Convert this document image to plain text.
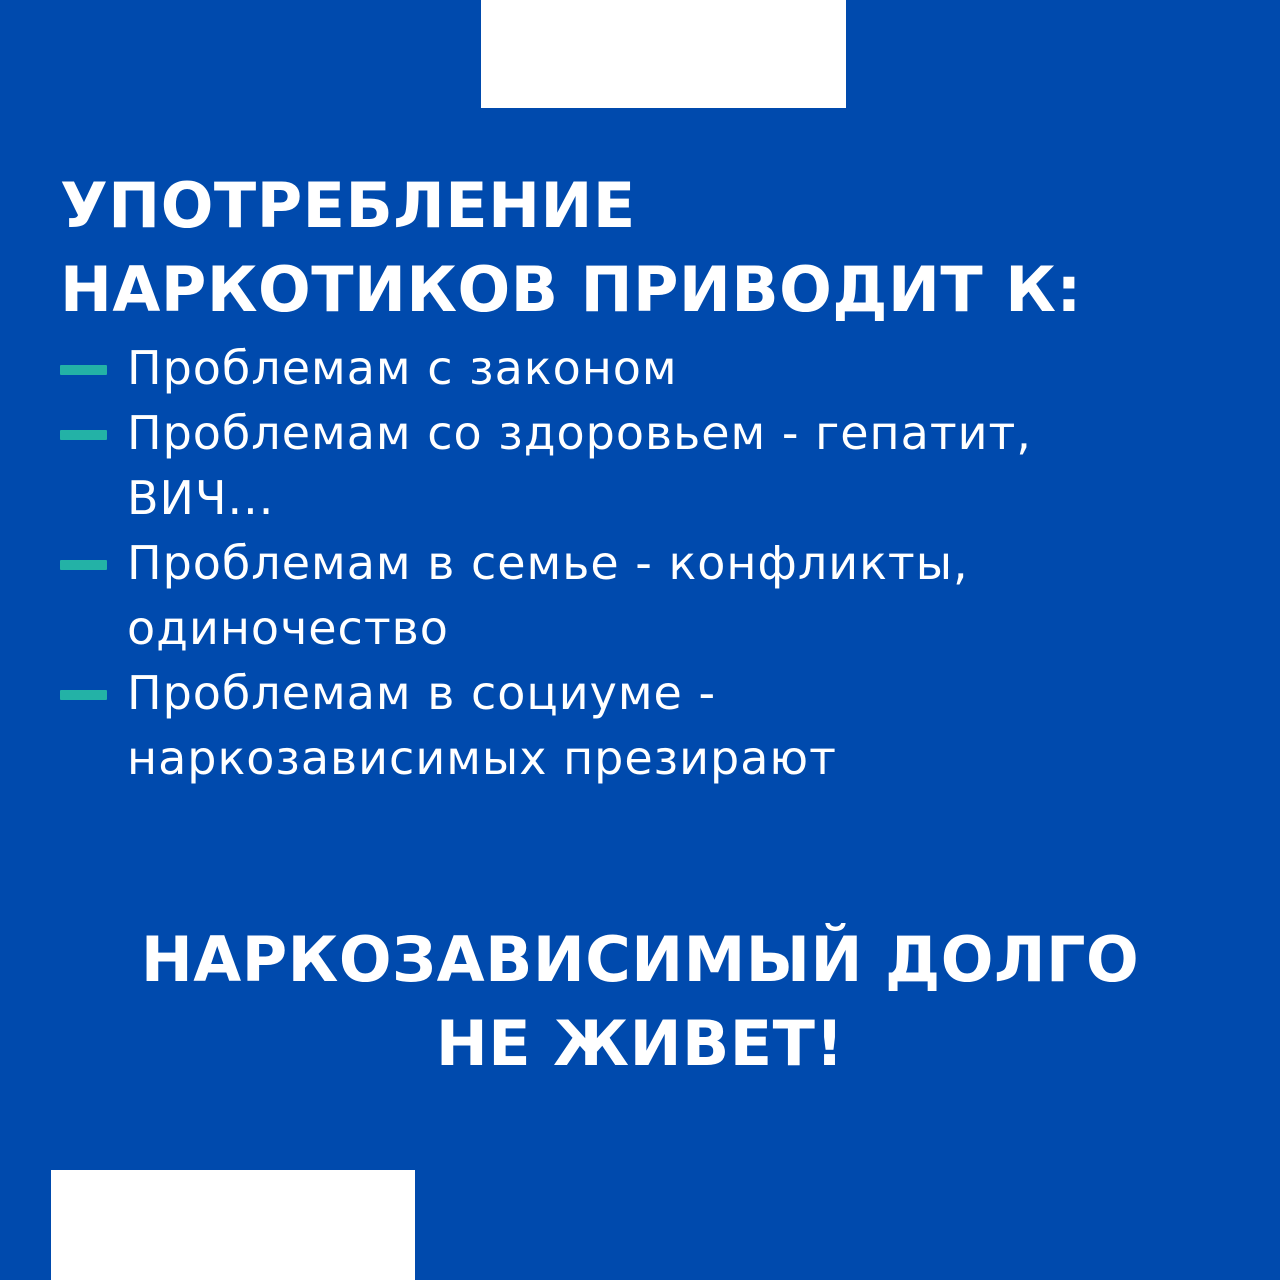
УПОТРЕБЛЕНИЕ
НАРКОТИКОВ ПРИВОДИТ К:
Проблемам с законом
Проблемам со здоровьем - гепатит,
ВИЧ...
Проблемам в семье - конфликты,
одиночество
Проблемам в социуме -
наркозависимых презирают
НАРКОЗАВИСИМЫЙ ДОЛГО
НЕ ЖИВЕТ!
